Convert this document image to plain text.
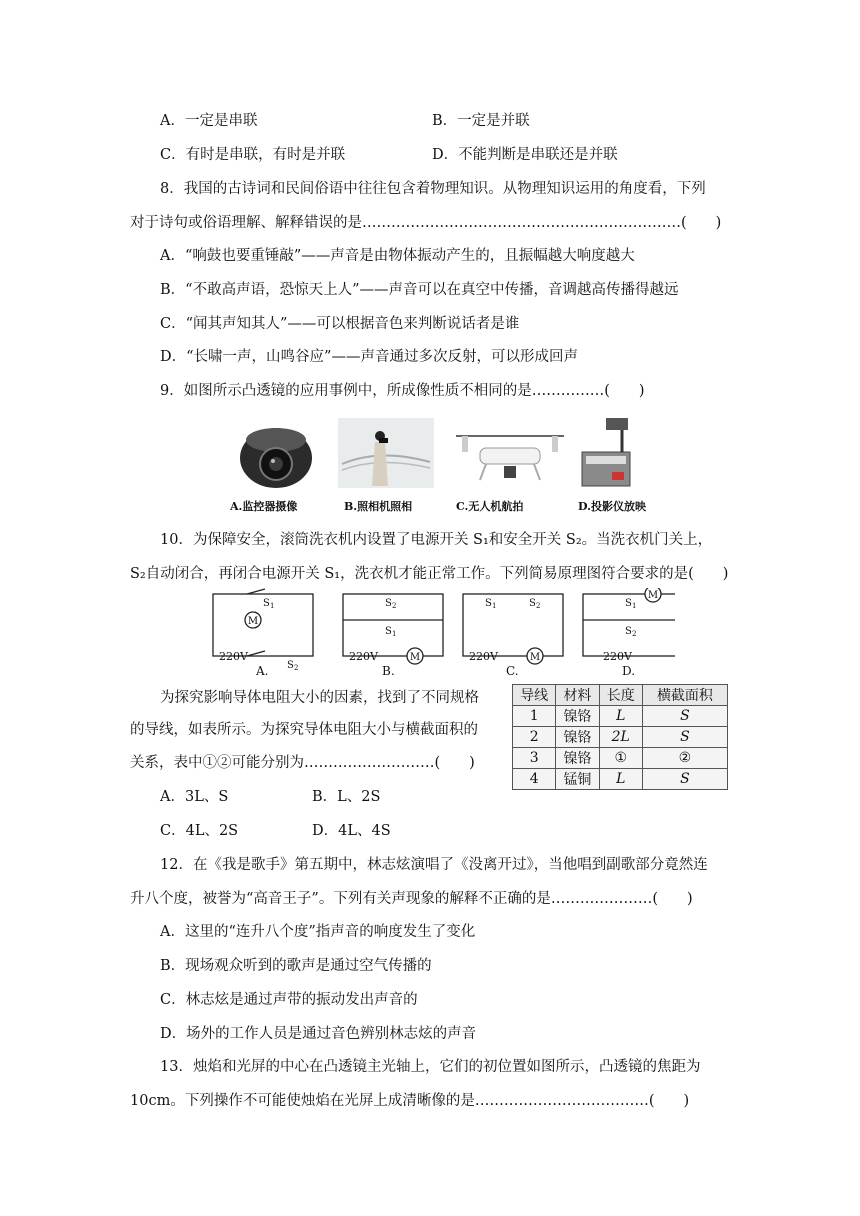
A．一定是串联	B．一定是并联
C．有时是串联，有时是并联	D．不能判断是串联还是并联
8．我国的古诗词和民间俗语中往往包含着物理知识。从物理知识运用的角度看，下列
对于诗句或俗语理解、解释错误的是…………………………………………………………(　　)
A．“响鼓也要重锤敲”——声音是由物体振动产生的，且振幅越大响度越大
B．“不敢高声语，恐惊天上人”——声音可以在真空中传播，音调越高传播得越远
C．“闻其声知其人”——可以根据音色来判断说话者是谁
D．“长啸一声，山鸣谷应”——声音通过多次反射，可以形成回声
9．如图所示凸透镜的应用事例中，所成像性质不相同的是……………(　　)
A.监控器摄像	B.照相机照相	C.无人机航拍	D.投影仪放映
10．为保障安全，滚筒洗衣机内设置了电源开关 S₁和安全开关 S₂。当洗衣机门关上，
S₂自动闭合，再闭合电源开关 S₁，洗衣机才能正常工作。下列简易原理图符合要求的是(　　)
M
M	M
M
220V	220V	220V	220V
S 1
S 2
S 2
S 1
S 1	S 2	S 1
S 2
A.	B.	C.	D.
为探究影响导体电阻大小的因素，找到了不同规格
的导线，如表所示。为探究导体电阻大小与横截面积的
关系，表中①②可能分别为………………………(　　)
A．3L、S	B．L、2S
C．4L、2S	D．4L、4S
导线	材料	长度	横截面积
1	镍铬	L	S
2	镍铬	2L	S
3	镍铬	①	②
4	锰铜	L	S
12．在《我是歌手》第五期中，林志炫演唱了《没离开过》，当他唱到副歌部分竟然连
升八个度，被誉为“高音王子”。下列有关声现象的解释不正确的是…………………(　　)
A．这里的“连升八个度”指声音的响度发生了变化
B．现场观众听到的歌声是通过空气传播的
C．林志炫是通过声带的振动发出声音的
D．场外的工作人员是通过音色辨别林志炫的声音
13．烛焰和光屏的中心在凸透镜主光轴上，它们的初位置如图所示，凸透镜的焦距为
10cm。下列操作不可能使烛焰在光屏上成清晰像的是………………………………(　　)
